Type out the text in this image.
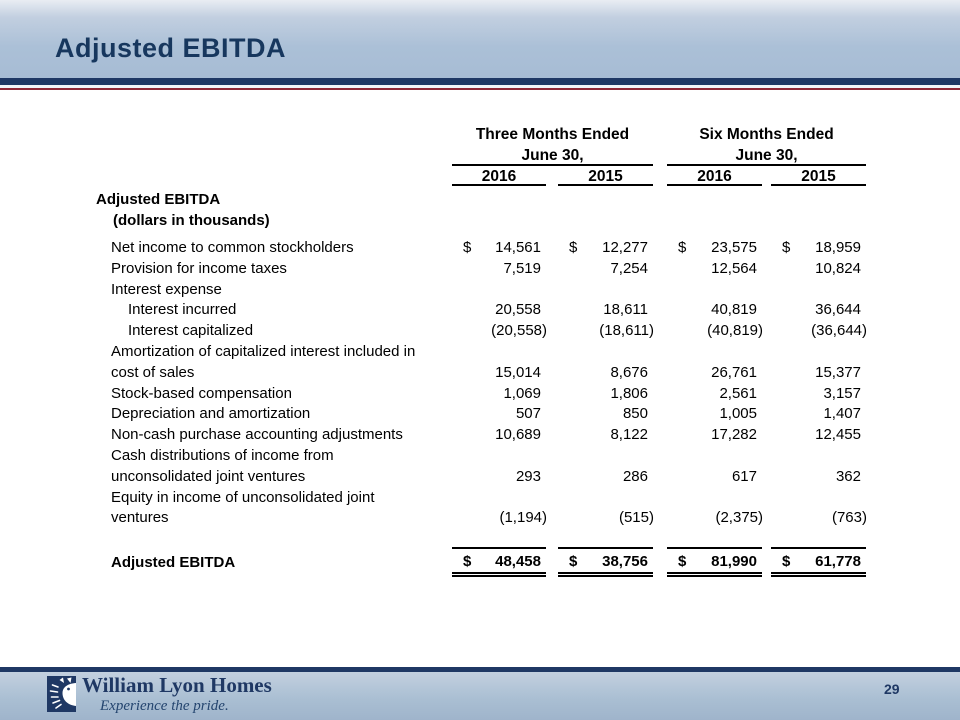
Adjusted EBITDA
Three Months Ended
June 30,
Six Months Ended
June 30,
2016	2015	2016	2015
Adjusted EBITDA
(dollars in thousands)
Net income to common stockholders	$ 14,561 $ 12,277 $ 23,575 $ 18,959
Provision for income taxes	7,519	7,254	12,564	10,824
Interest expense
Interest incurred	20,558	18,611	40,819	36,644
Interest capitalized	(20,558)	(18,611)	(40,819)	(36,644)
Amortization of capitalized interest included in
cost of sales	15,014	8,676	26,761	15,377
Stock-based compensation	1,069	1,806	2,561	3,157
Depreciation and amortization	507	850	1,005	1,407
Non-cash purchase accounting adjustments	10,689	8,122	17,282	12,455
Cash distributions of income from
unconsolidated joint ventures	293	286	617	362
Equity in income of unconsolidated joint
ventures	(1,194)	(515)	(2,375)	(763)
Adjusted EBITDA	$ 48,458 $ 38,756 $ 81,990 $ 61,778
William Lyon Homes
Experience the pride.
29
